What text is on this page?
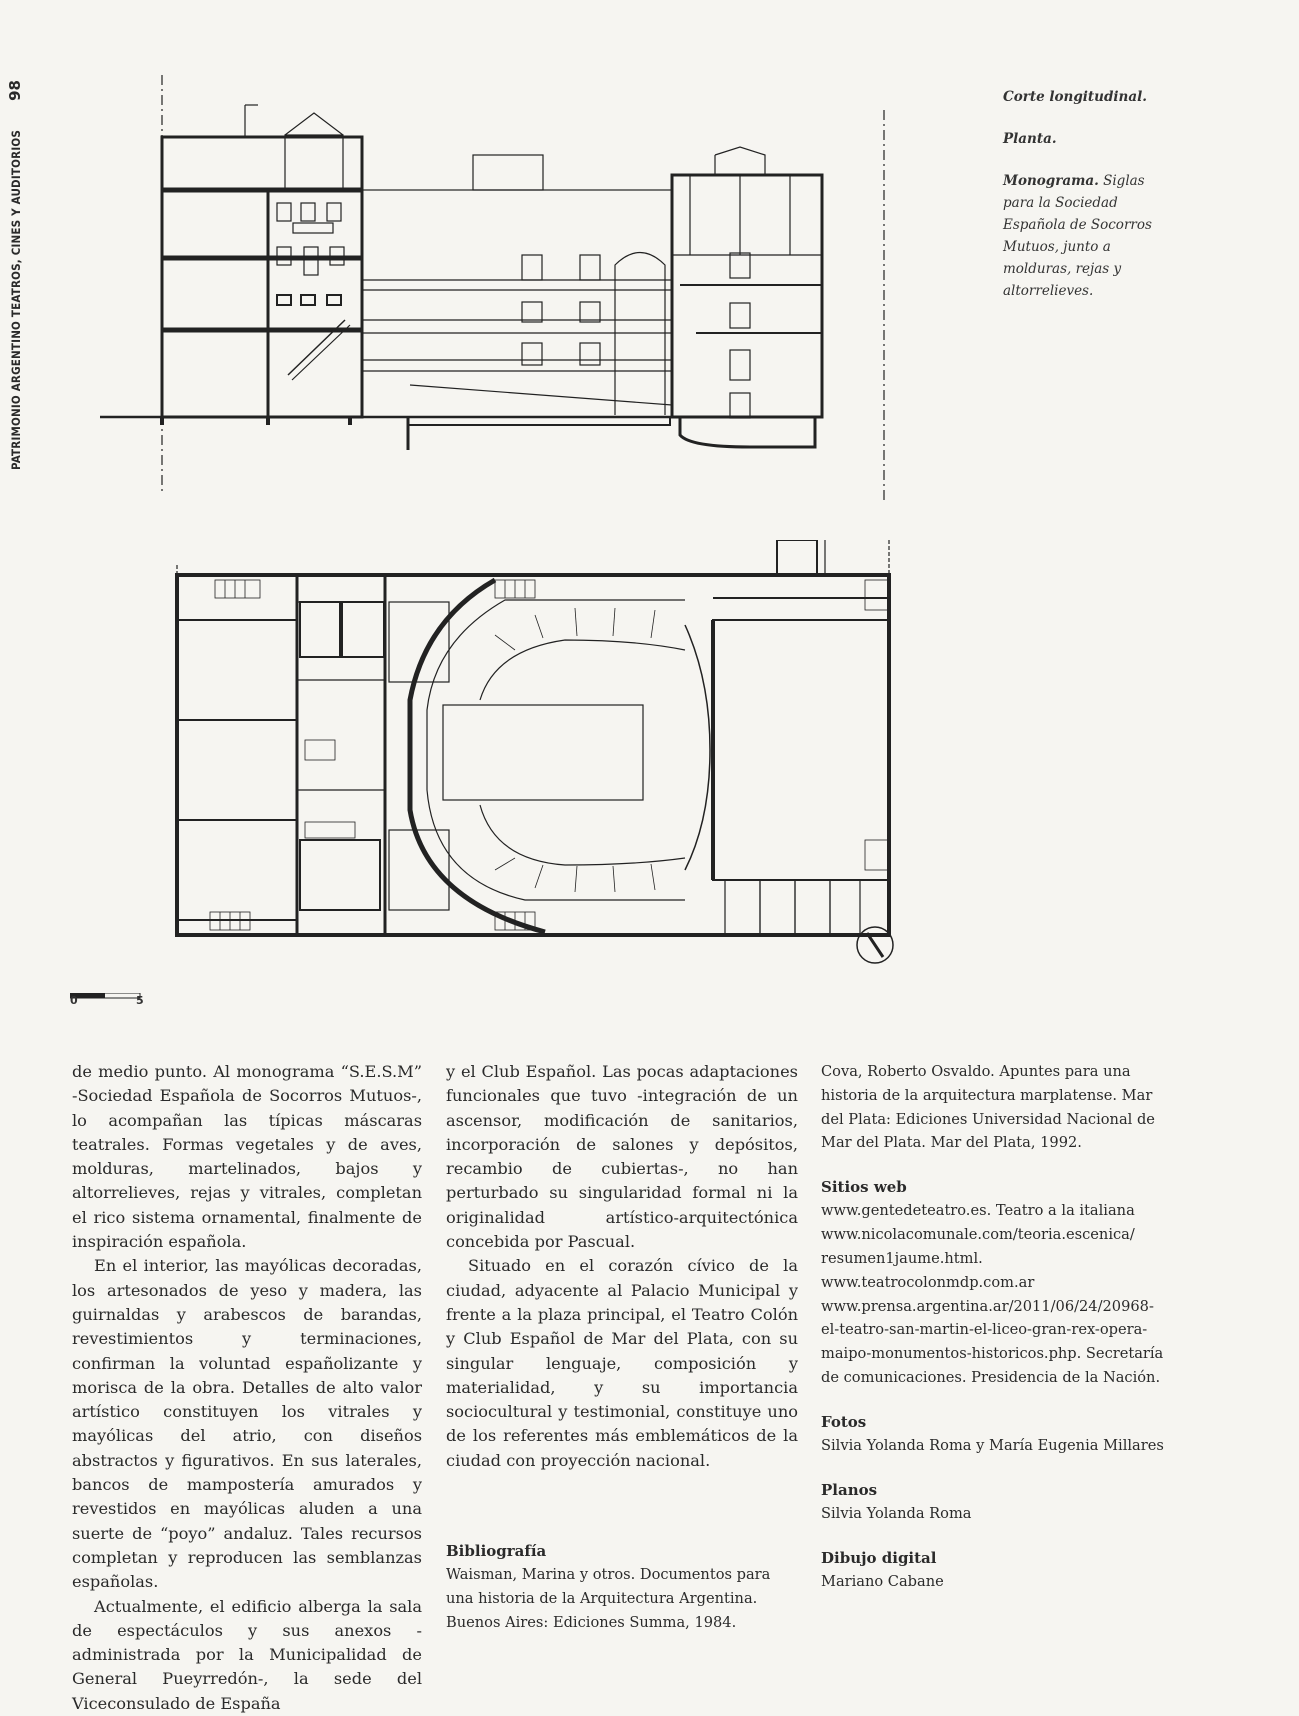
98
PATRIMONIO ARGENTINO TEATROS, CINES Y AUDITORIOS
0	5

Corte longitudinal.

Planta.

Monograma. Siglas para la Sociedad Española de Socorros Mutuos, junto a molduras, rejas y altorrelieves.

de medio punto. Al monograma “S.E.S.M” -Sociedad Española de Socorros Mutuos-, lo acompañan las típicas máscaras teatrales. Formas vegetales y de aves, molduras, martelinados, bajos y altorrelieves, rejas y vitrales, completan el rico sistema ornamental, finalmente de inspiración española.

En el interior, las mayólicas decoradas, los artesonados de yeso y madera, las guirnaldas y arabescos de barandas, revestimientos y terminaciones, confirman la voluntad españolizante y morisca de la obra. Detalles de alto valor artístico constituyen los vitrales y mayólicas del atrio, con diseños abstractos y figurativos. En sus laterales, bancos de mampostería amurados y revestidos en mayólicas aluden a una suerte de “poyo” andaluz. Tales recursos completan y reproducen las semblanzas españolas.

Actualmente, el edificio alberga la sala de espectáculos y sus anexos -administrada por la Municipalidad de General Pueyrredón-, la sede del Viceconsulado de España

y el Club Español. Las pocas adaptaciones funcionales que tuvo -integración de un ascensor, modificación de sanitarios, incorporación de salones y depósitos, recambio de cubiertas-, no han perturbado su singularidad formal ni la originalidad artístico-arquitectónica concebida por Pascual.

Situado en el corazón cívico de la ciudad, adyacente al Palacio Municipal y frente a la plaza principal, el Teatro Colón y Club Español de Mar del Plata, con su singular lenguaje, composición y materialidad, y su importancia sociocultural y testimonial, constituye uno de los referentes más emblemáticos de la ciudad con proyección nacional.

Bibliografía

Waisman, Marina y otros. Documentos para una historia de la Arquitectura Argentina. Buenos Aires: Ediciones Summa, 1984.

Cova, Roberto Osvaldo. Apuntes para una historia de la arquitectura marplatense. Mar del Plata: Ediciones Universidad Nacional de Mar del Plata. Mar del Plata, 1992.

Sitios web

www.gentedeteatro.es. Teatro a la italiana

www.nicolacomunale.com/teoria.escenica/

resumen1jaume.html.

www.teatrocolonmdp.com.ar

www.prensa.argentina.ar/2011/06/24/20968-

el-teatro-san-martin-el-liceo-gran-rex-opera-

maipo-monumentos-historicos.php. Secretaría

de comunicaciones. Presidencia de la Nación.

Fotos

Silvia Yolanda Roma y María Eugenia Millares

Planos

Silvia Yolanda Roma

Dibujo digital

Mariano Cabane
